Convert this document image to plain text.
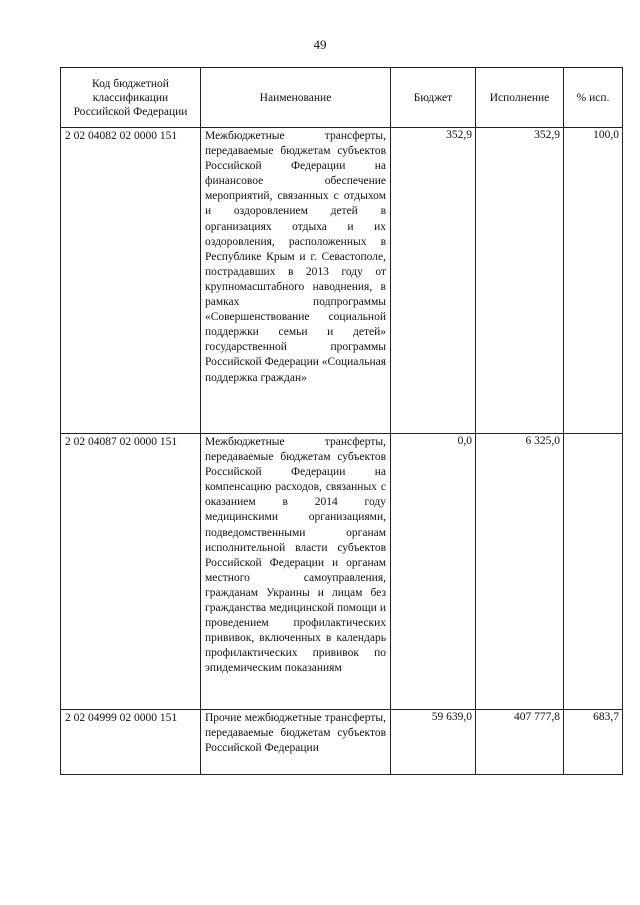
49
Код бюджетной классификации Российской Федерации	Наименование	Бюджет	Исполнение	% исп.
2 02 04082 02 0000 151	Межбюджетные трансферты, передаваемые бюджетам субъектов Российской Федерации на финансовое обеспечение мероприятий, связанных с отдыхом и оздоровлением детей в организациях отдыха и их оздоровления, расположенных в Республике Крым и г. Севастополе, пострадавших в 2013 году от крупномасштабного наводнения, в рамках подпрограммы «Совершенствование социальной поддержки семьи и детей» государственной программы Российской Федерации «Социальная поддержка граждан»	352,9	352,9	100,0
2 02 04087 02 0000 151	Межбюджетные трансферты, передаваемые бюджетам субъектов Российской Федерации на компенсацию расходов, связанных с оказанием в 2014 году медицинскими организациями, подведомственными органам исполнительной власти субъектов Российской Федерации и органам местного самоуправления, гражданам Украины и лицам без гражданства медицинской помощи и проведением профилактических прививок, включенных в календарь профилактических прививок по эпидемическим показаниям	0,0	6 325,0	
2 02 04999 02 0000 151	Прочие межбюджетные трансферты, передаваемые бюджетам субъектов Российской Федерации	59 639,0	407 777,8	683,7
